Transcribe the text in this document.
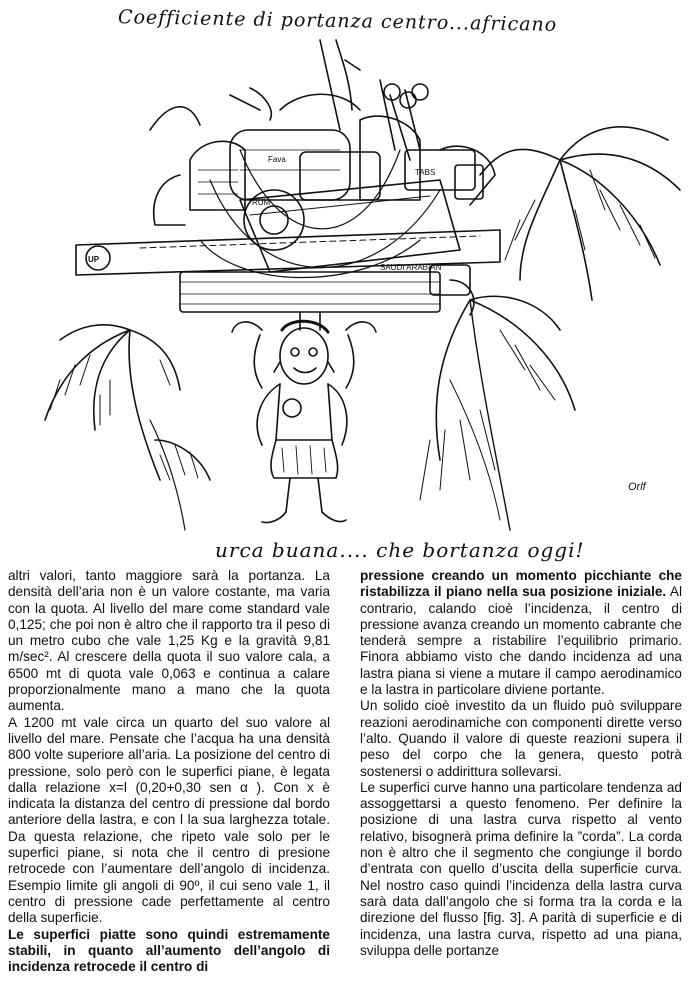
SAUDI ARABIAN
UP
Fava
RUM
TABS
Orlf
Coefficiente di portanza centro...africano
urca buana.... che bortanza oggi!

altri valori, tanto maggiore sarà la portanza. La densità dell’aria non è un valore costante, ma varia con la quota. Al livello del mare come standard vale 0,125; che poi non è altro che il rapporto tra il peso di un metro cubo che vale 1,25 Kg e la gravità 9,81 m/sec². Al crescere della quota il suo valore cala, a 6500 mt di quota vale 0,063 e continua a calare proporzionalmente mano a mano che la quota aumenta.

A 1200 mt vale circa un quarto del suo valore al livello del mare. Pensate che l’acqua ha una densità 800 volte superiore all’aria. La posizione del centro di pressione, solo però con le superfici piane, è legata dalla relazione x=l (0,20+0,30 sen α ). Con x è indicata la distanza del centro di pressione dal bordo anteriore della lastra, e con l la sua larghezza totale. Da questa relazione, che ripeto vale solo per le superfici piane, si nota che il centro di presione retrocede con l’aumentare dell’angolo di incidenza. Esempio limite gli angoli di 90º, il cui seno vale 1, il centro di pressione cade perfettamente al centro della superficie.

Le superfici piatte sono quindi estremamente stabili, in quanto all’aumento dell’angolo di incidenza retrocede il centro di

pressione creando un momento picchiante che ristabilizza il piano nella sua posizione iniziale. Al contrario, calando cioè l’incidenza, il centro di pressione avanza creando un momento cabrante che tenderà sempre a ristabilire l’equilibrio primario. Finora abbiamo visto che dando incidenza ad una lastra piana si viene a mutare il campo aerodinamico e la lastra in particolare diviene portante.

Un solido cioè investito da un fluido può sviluppare reazioni aerodinamiche con componenti dirette verso l’alto. Quando il valore di queste reazioni supera il peso del corpo che la genera, questo potrà sostenersi o addirittura sollevarsi.

Le superfici curve hanno una particolare tendenza ad assoggettarsi a questo fenomeno. Per definire la posizione di una lastra curva rispetto al vento relativo, bisognerà prima definire la ”corda”. La corda non è altro che il segmento che congiunge il bordo d’entrata con quello d’uscita della superficie curva. Nel nostro caso quindi l’incidenza della lastra curva sarà data dall’angolo che si forma tra la corda e la direzione del flusso [fig. 3]. A parità di superficie e di incidenza, una lastra curva, rispetto ad una piana, sviluppa delle portanze
